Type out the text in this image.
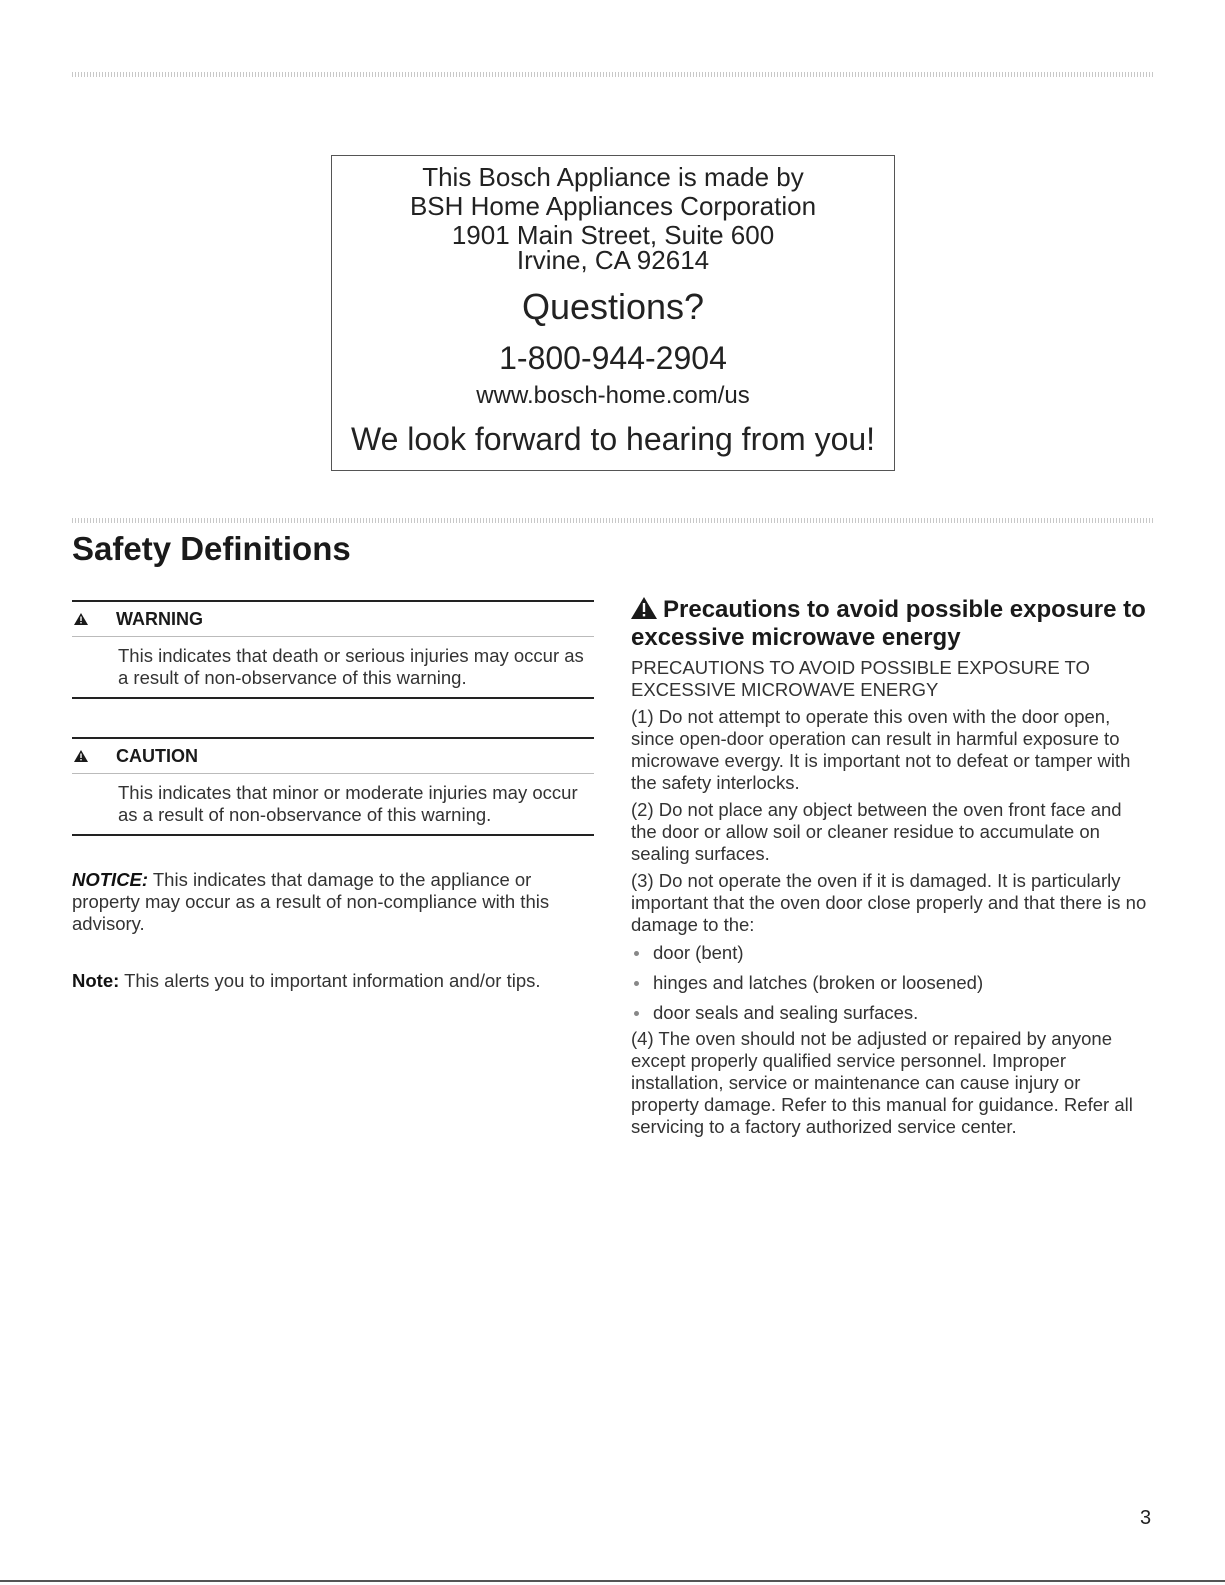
This Bosch Appliance is made by
BSH Home Appliances Corporation
1901 Main Street, Suite 600
Irvine, CA 92614
Questions?
1-800-944-2904
www.bosch-home.com/us
We look forward to hearing from you!
Safety Definitions
WARNING
This indicates that death or serious injuries may occur as a result of non-observance of this warning.
CAUTION
This indicates that minor or moderate injuries may occur as a result of non-observance of this warning.
NOTICE: This indicates that damage to the appliance or property may occur as a result of non-compliance with this advisory.
Note: This alerts you to important information and/or tips.
Precautions to avoid possible exposure to excessive microwave energy

PRECAUTIONS TO AVOID POSSIBLE EXPOSURE TO EXCESSIVE MICROWAVE ENERGY

(1) Do not attempt to operate this oven with the door open, since open-door operation can result in harmful exposure to microwave evergy. It is important not to defeat or tamper with the safety interlocks.

(2) Do not place any object between the oven front face and the door or allow soil or cleaner residue to accumulate on sealing surfaces.

(3) Do not operate the oven if it is damaged. It is particularly important that the oven door close properly and that there is no damage to the:

door (bent)
hinges and latches (broken or loosened)
door seals and sealing surfaces.

(4) The oven should not be adjusted or repaired by anyone except properly qualified service personnel. Improper installation, service or maintenance can cause injury or property damage. Refer to this manual for guidance. Refer all servicing to a factory authorized service center.

3
